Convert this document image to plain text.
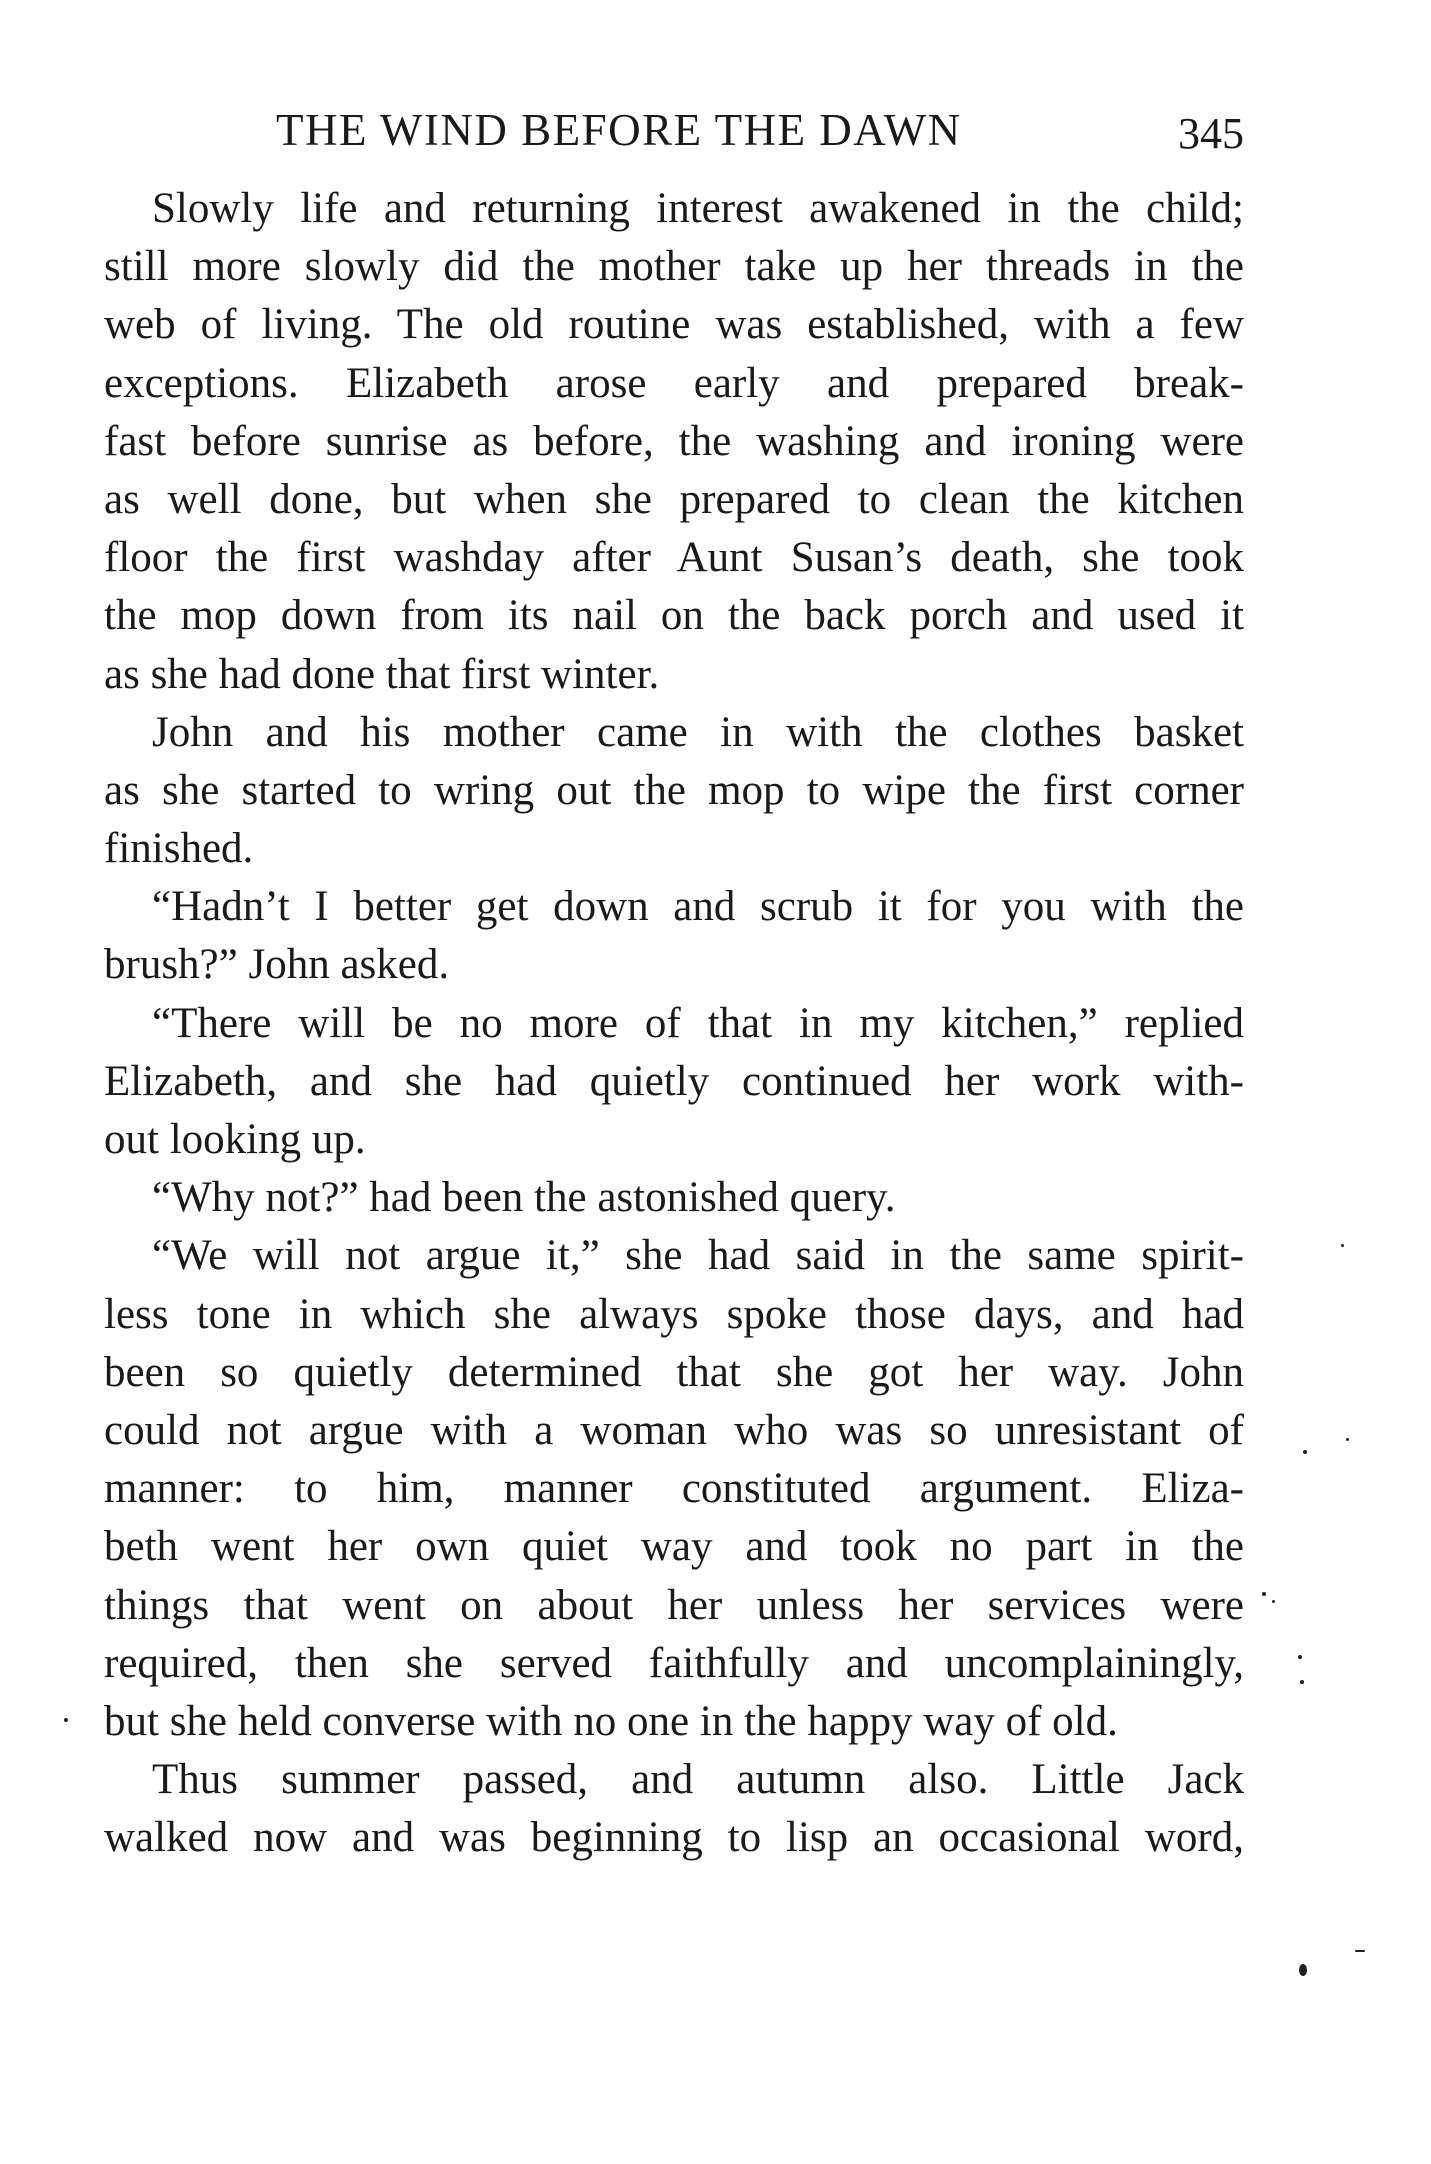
THE WIND BEFORE THE DAWN	345
Slowly life and returning interest awakened in the child;
still more slowly did the mother take up her threads in the
web of living. The old routine was established, with a few
exceptions. Elizabeth arose early and prepared break-
fast before sunrise as before, the washing and ironing were
as well done, but when she prepared to clean the kitchen
floor the first washday after Aunt Susan’s death, she took
the mop down from its nail on the back porch and used it
as she had done that first winter.
John and his mother came in with the clothes basket
as she started to wring out the mop to wipe the first corner
finished.
“Hadn’t I better get down and scrub it for you with the
brush?” John asked.
“There will be no more of that in my kitchen,” replied
Elizabeth, and she had quietly continued her work with-
out looking up.
“Why not?” had been the astonished query.
“We will not argue it,” she had said in the same spirit-
less tone in which she always spoke those days, and had
been so quietly determined that she got her way. John
could not argue with a woman who was so unresistant of
manner: to him, manner constituted argument. Eliza-
beth went her own quiet way and took no part in the
things that went on about her unless her services were
required, then she served faithfully and uncomplainingly,
but she held converse with no one in the happy way of old.
Thus summer passed, and autumn also. Little Jack
walked now and was beginning to lisp an occasional word,
